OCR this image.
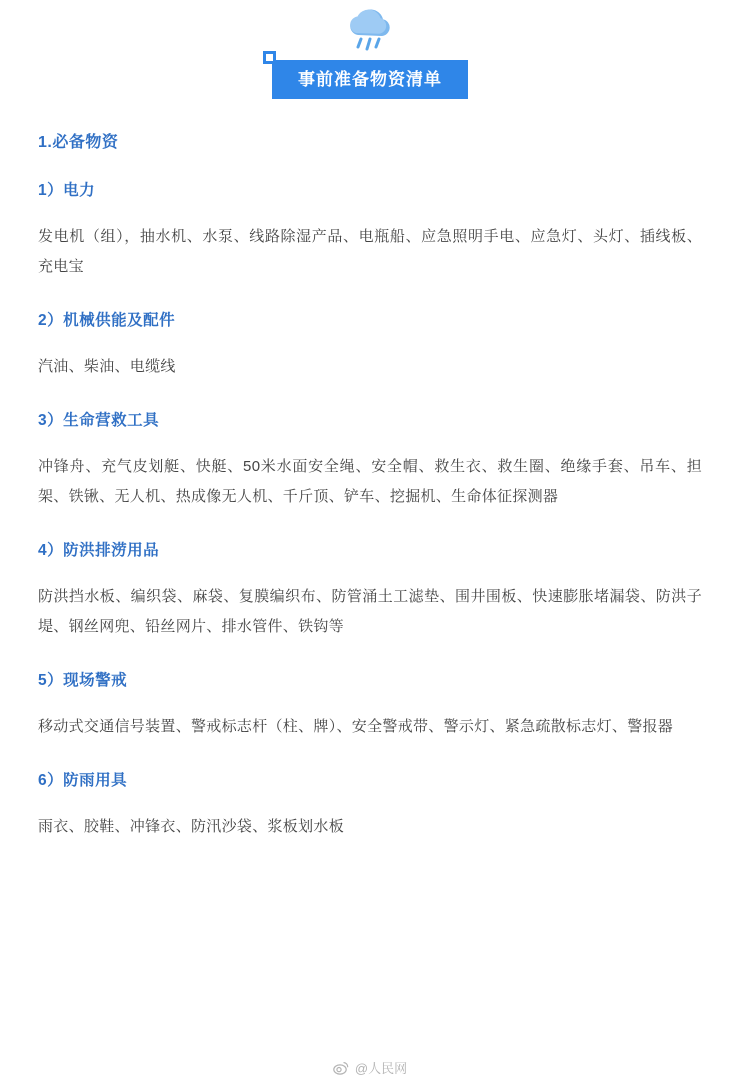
事前准备物资清单
1.必备物资
1）电力
发电机（组），抽水机、水泵、线路除湿产品、电瓶船、应急照明手电、应急灯、头灯、插线板、充电宝
2）机械供能及配件
汽油、柴油、电缆线
3）生命营救工具
冲锋舟、充气皮划艇、快艇、50米水面安全绳、安全帽、救生衣、救生圈、绝缘手套、吊车、担架、铁锹、无人机、热成像无人机、千斤顶、铲车、挖掘机、生命体征探测器
4）防洪排涝用品
防洪挡水板、编织袋、麻袋、复膜编织布、防管涌土工滤垫、围井围板、快速膨胀堵漏袋、防洪子堤、钢丝网兜、铅丝网片、排水管件、铁钩等
5）现场警戒
移动式交通信号装置、警戒标志杆（柱、牌）、安全警戒带、警示灯、紧急疏散标志灯、警报器
6）防雨用具
雨衣、胶鞋、冲锋衣、防汛沙袋、浆板划水板
@人民网
